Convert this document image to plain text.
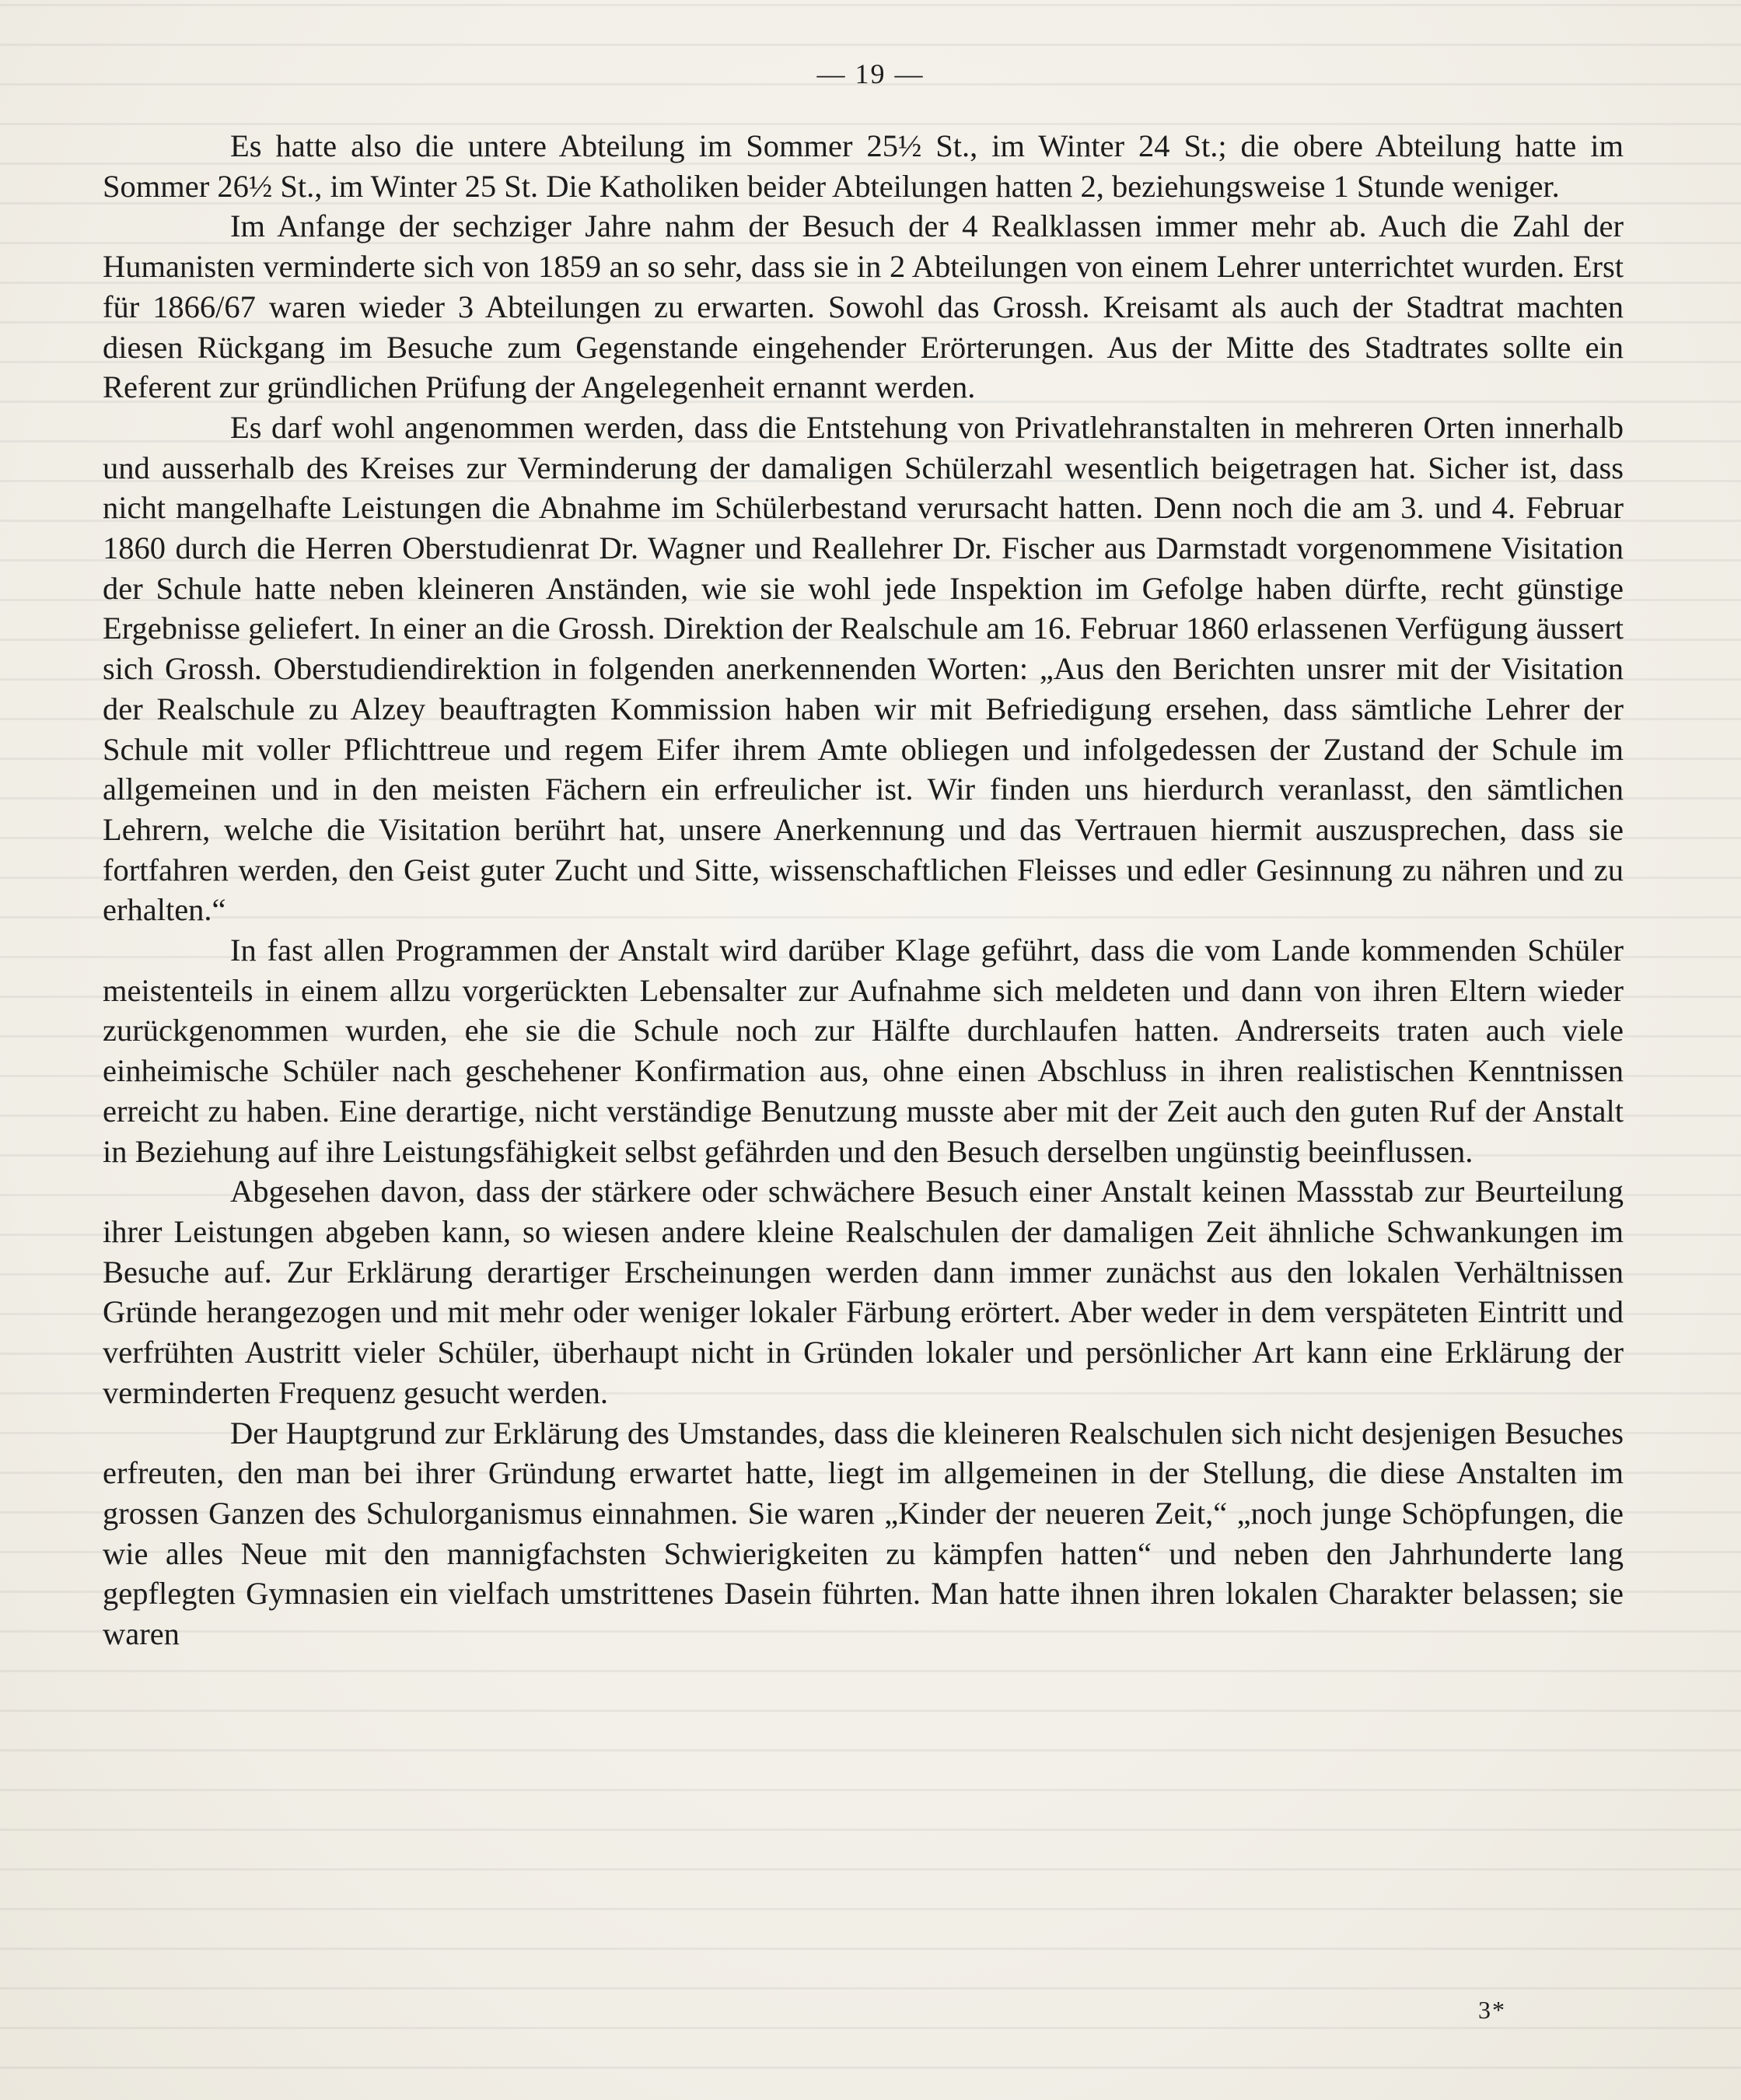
— 19 —

Es hatte also die untere Abteilung im Sommer 25½ St., im Winter 24 St.; die obere Abteilung hatte im Sommer 26½ St., im Winter 25 St. Die Katholiken beider Abteilungen hatten 2, beziehungsweise 1 Stunde weniger.

Im Anfange der sechziger Jahre nahm der Besuch der 4 Realklassen immer mehr ab. Auch die Zahl der Humanisten verminderte sich von 1859 an so sehr, dass sie in 2 Abteilungen von einem Lehrer unterrichtet wurden. Erst für 1866/67 waren wieder 3 Abteilungen zu erwarten. Sowohl das Grossh. Kreisamt als auch der Stadtrat machten diesen Rückgang im Besuche zum Gegenstande eingehender Erörterungen. Aus der Mitte des Stadtrates sollte ein Referent zur gründlichen Prüfung der Angelegenheit ernannt werden.

Es darf wohl angenommen werden, dass die Entstehung von Privatlehranstalten in mehreren Orten innerhalb und ausserhalb des Kreises zur Verminderung der damaligen Schülerzahl wesentlich beigetragen hat. Sicher ist, dass nicht mangelhafte Leistungen die Abnahme im Schülerbestand verursacht hatten. Denn noch die am 3. und 4. Februar 1860 durch die Herren Oberstudienrat Dr. Wagner und Reallehrer Dr. Fischer aus Darmstadt vorgenommene Visitation der Schule hatte neben kleineren Anständen, wie sie wohl jede Inspektion im Gefolge haben dürfte, recht günstige Ergebnisse geliefert. In einer an die Grossh. Direktion der Realschule am 16. Februar 1860 erlassenen Verfügung äussert sich Grossh. Oberstudiendirektion in folgenden anerkennenden Worten: „Aus den Berichten unsrer mit der Visitation der Realschule zu Alzey beauftragten Kommission haben wir mit Befriedigung ersehen, dass sämtliche Lehrer der Schule mit voller Pflichttreue und regem Eifer ihrem Amte obliegen und infolgedessen der Zustand der Schule im allgemeinen und in den meisten Fächern ein erfreulicher ist. Wir finden uns hierdurch veranlasst, den sämtlichen Lehrern, welche die Visitation berührt hat, unsere Anerkennung und das Vertrauen hiermit auszusprechen, dass sie fortfahren werden, den Geist guter Zucht und Sitte, wissenschaftlichen Fleisses und edler Gesinnung zu nähren und zu erhalten.“

In fast allen Programmen der Anstalt wird darüber Klage geführt, dass die vom Lande kommenden Schüler meistenteils in einem allzu vorgerückten Lebensalter zur Aufnahme sich meldeten und dann von ihren Eltern wieder zurückgenommen wurden, ehe sie die Schule noch zur Hälfte durchlaufen hatten. Andrerseits traten auch viele einheimische Schüler nach geschehener Konfirmation aus, ohne einen Abschluss in ihren realistischen Kenntnissen erreicht zu haben. Eine derartige, nicht verständige Benutzung musste aber mit der Zeit auch den guten Ruf der Anstalt in Beziehung auf ihre Leistungsfähigkeit selbst gefährden und den Besuch derselben ungünstig beeinflussen.

Abgesehen davon, dass der stärkere oder schwächere Besuch einer Anstalt keinen Massstab zur Beurteilung ihrer Leistungen abgeben kann, so wiesen andere kleine Realschulen der damaligen Zeit ähnliche Schwankungen im Besuche auf. Zur Erklärung derartiger Erscheinungen werden dann immer zunächst aus den lokalen Verhältnissen Gründe herangezogen und mit mehr oder weniger lokaler Färbung erörtert. Aber weder in dem verspäteten Eintritt und verfrühten Austritt vieler Schüler, überhaupt nicht in Gründen lokaler und persönlicher Art kann eine Erklärung der verminderten Frequenz gesucht werden.

Der Hauptgrund zur Erklärung des Umstandes, dass die kleineren Realschulen sich nicht desjenigen Besuches erfreuten, den man bei ihrer Gründung erwartet hatte, liegt im allgemeinen in der Stellung, die diese Anstalten im grossen Ganzen des Schulorganismus einnahmen. Sie waren „Kinder der neueren Zeit,“ „noch junge Schöpfungen, die wie alles Neue mit den mannigfachsten Schwierigkeiten zu kämpfen hatten“ und neben den Jahrhunderte lang gepflegten Gymnasien ein vielfach umstrittenes Dasein führten. Man hatte ihnen ihren lokalen Charakter belassen; sie waren

3*
